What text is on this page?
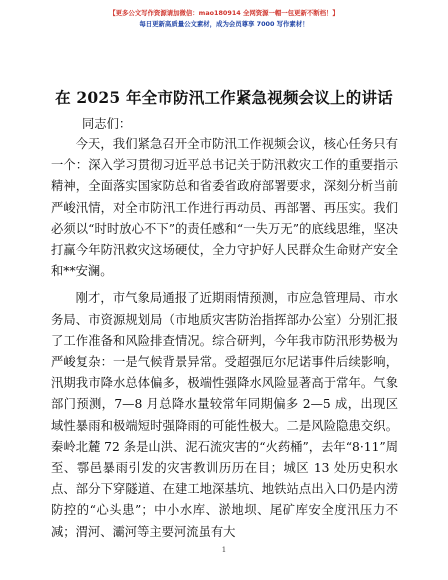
【更多公文写作资源请加微信：mao180914 全网资源一帽一包更新不断档！】
每日更新高质量公文素材，成为会员尊享 7000 写作素材！
在 2025 年全市防汛工作紧急视频会议上的讲话
同志们：

今天，我们紧急召开全市防汛工作视频会议，核心任务只有一个：深入学习贯彻习近平总书记关于防汛救灾工作的重要指示精神，全面落实国家防总和省委省政府部署要求，深刻分析当前严峻汛情，对全市防汛工作进行再动员、再部署、再压实。我们必须以“时时放心不下”的责任感和“一失万无”的底线思维，坚决打赢今年防汛救灾这场硬仗，全力守护好人民群众生命财产安全和**安澜。

刚才，市气象局通报了近期雨情预测，市应急管理局、市水务局、市资源规划局（市地质灾害防治指挥部办公室）分别汇报了工作准备和风险排查情况。综合研判，今年我市防汛形势极为严峻复杂：一是气候背景异常。受超强厄尔尼诺事件后续影响，汛期我市降水总体偏多，极端性强降水风险显著高于常年。气象部门预测，7—8 月总降水量较常年同期偏多 2—5 成，出现区域性暴雨和极端短时强降雨的可能性极大。二是风险隐患交织。秦岭北麓 72 条是山洪、泥石流灾害的“火药桶”，去年“8·11”周至、鄠邑暴雨引发的灾害教训历历在目；城区 13 处历史积水点、部分下穿隧道、在建工地深基坑、地铁站点出入口仍是内涝防控的“心头患”；中小水库、淤地坝、尾矿库安全度汛压力不减；渭河、灞河等主要河流虽有大

1
